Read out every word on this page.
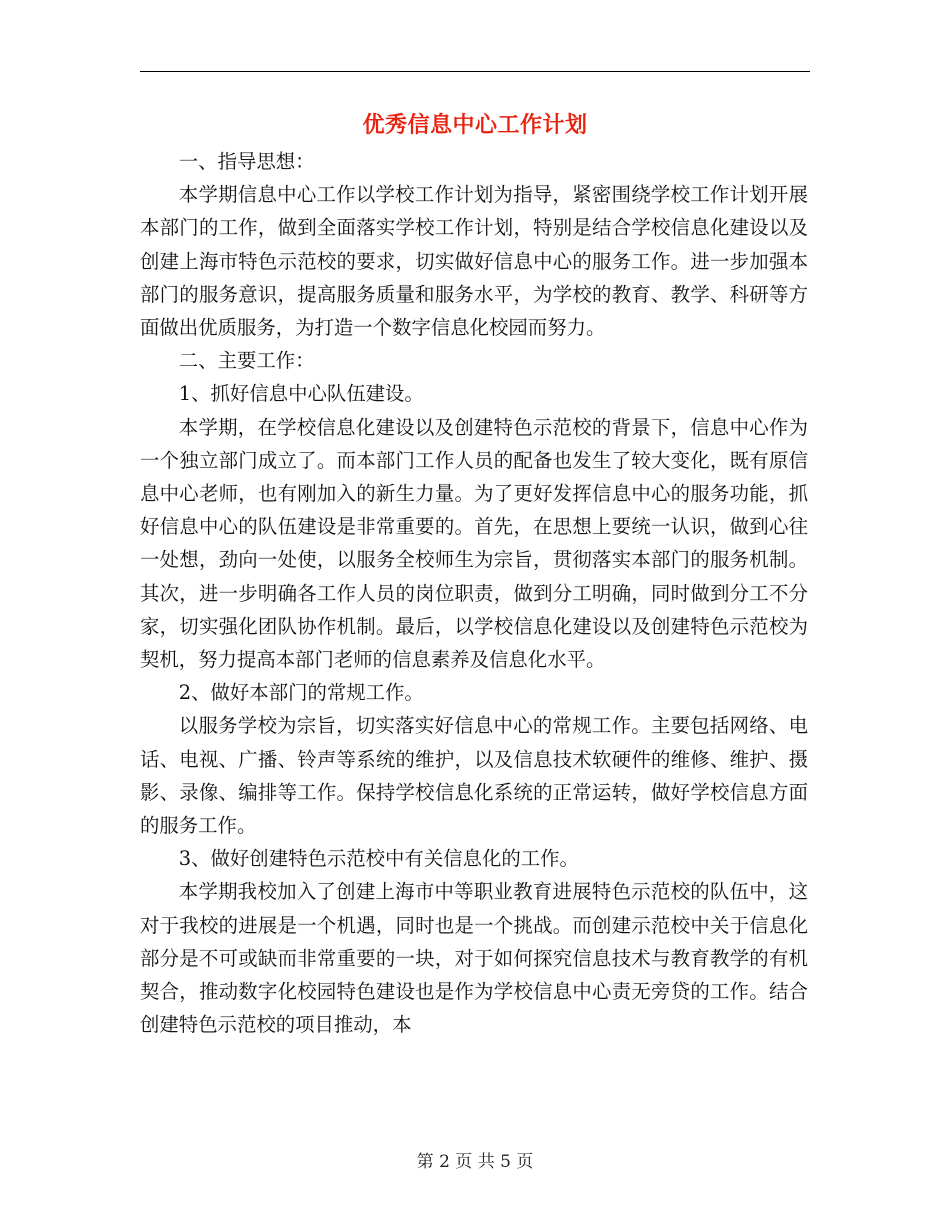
优秀信息中心工作计划

一、指导思想：

本学期信息中心工作以学校工作计划为指导，紧密围绕学校工作计划开展本部门的工作，做到全面落实学校工作计划，特别是结合学校信息化建设以及创建上海市特色示范校的要求，切实做好信息中心的服务工作。进一步加强本部门的服务意识，提高服务质量和服务水平，为学校的教育、教学、科研等方面做出优质服务，为打造一个数字信息化校园而努力。

二、主要工作：

1、抓好信息中心队伍建设。

本学期，在学校信息化建设以及创建特色示范校的背景下，信息中心作为一个独立部门成立了。而本部门工作人员的配备也发生了较大变化，既有原信息中心老师，也有刚加入的新生力量。为了更好发挥信息中心的服务功能，抓好信息中心的队伍建设是非常重要的。首先，在思想上要统一认识，做到心往一处想，劲向一处使，以服务全校师生为宗旨，贯彻落实本部门的服务机制。其次，进一步明确各工作人员的岗位职责，做到分工明确，同时做到分工不分家，切实强化团队协作机制。最后，以学校信息化建设以及创建特色示范校为契机，努力提高本部门老师的信息素养及信息化水平。

2、做好本部门的常规工作。

以服务学校为宗旨，切实落实好信息中心的常规工作。主要包括网络、电话、电视、广播、铃声等系统的维护，以及信息技术软硬件的维修、维护、摄影、录像、编排等工作。保持学校信息化系统的正常运转，做好学校信息方面的服务工作。

3、做好创建特色示范校中有关信息化的工作。

本学期我校加入了创建上海市中等职业教育进展特色示范校的队伍中，这对于我校的进展是一个机遇，同时也是一个挑战。而创建示范校中关于信息化部分是不可或缺而非常重要的一块，对于如何探究信息技术与教育教学的有机契合，推动数字化校园特色建设也是作为学校信息中心责无旁贷的工作。结合创建特色示范校的项目推动，本

第 2 页 共 5 页
